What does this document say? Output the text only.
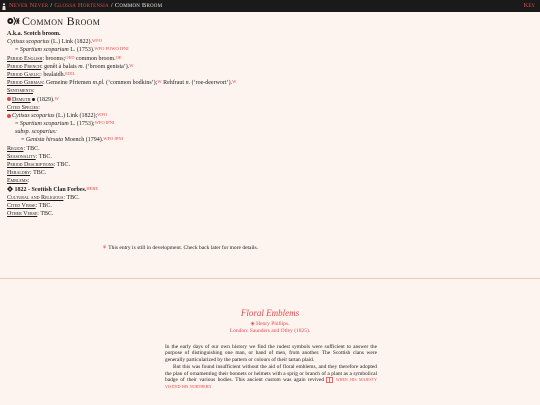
Never Never / Glossa Hortensia / Common Broom	Key
Common Broom
A.k.a. Scotch broom.
Cytisus scoparius (L.) Link (1822).$^{WFO}$
= Spartium scoparium L. (1753).$^{WFO POWO IPNI}$
Period English: brooms;$^{OED}$ common broom.$^{OE}$
Period French: genêt à balais m. (‘broom genista’).$^W$
Period Gaelic: bealaidh.$^{EDIL}$
Period German: Gemeine Pfriemen m.pl. (‘common bodkins’);$^W$ Rehfraut n. (‘roe-deerwort’).$^W$
Sentiments:
Demuth (1829).$^W$
Cited Species:
Cytisus scoparius (L.) Link (1822);$^{WFO}$
= Spartium scoparium L. (1753);$^{WFO IPNI}$
subsp. scoparius:
= Genista hirsuta Moench (1794).$^{WFO IPNI}$
Region: TBC.
Seasonality: TBC.
Period Descriptions: TBC.
Heraldry: TBC.
Emblems:
1822 - Scottish Clan Forbes.$^{HERE}$
Cultural and Religious: TBC.
Cited Verse: TBC.
Other Verse: TBC.
⚘ This entry is still in development. Check back later for more details.
Floral Emblems
◈ Henry Phillips.
London: Saunders and Otley (1825).

In the early days of our own history we find the rudest symbols were sufficient to answer the purpose of distinguishing one man, or band of men, from another. The Scottish clans were generally particularized by the pattern or colours of their tartan plaid.

But this was found insufficient without the aid of floral emblems, and they therefore adopted the plan of ornamenting their bonnets or helmets with a sprig or branch of a plant as a symbolical badge of their various bodies. This ancient custom was again revived when his majesty visited his northern
